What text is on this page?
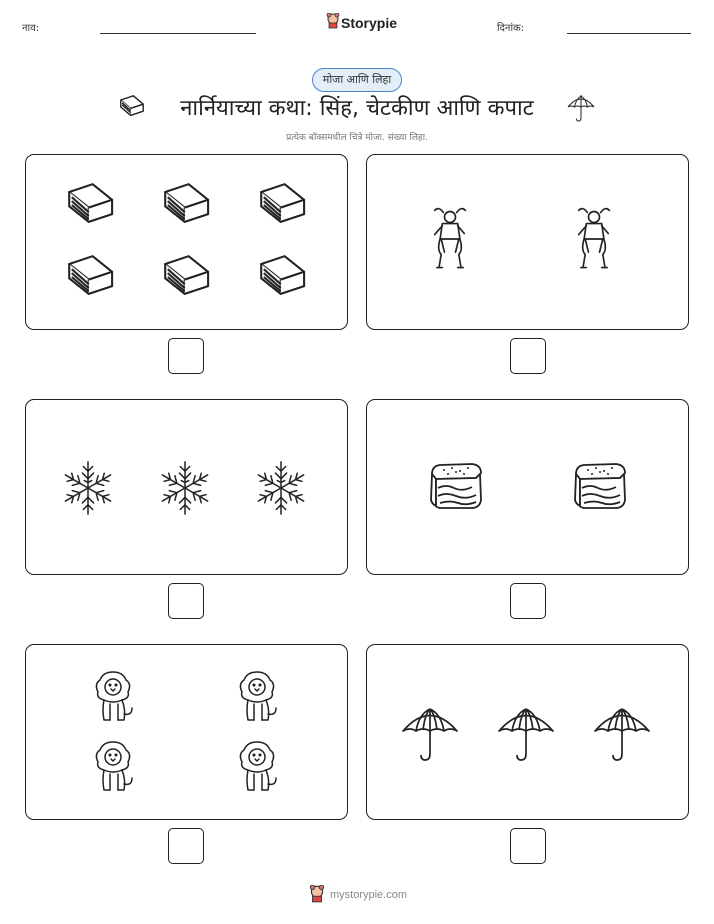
नाव:	Storypie	दिनांक:
मोजा आणि लिहा
नार्नियाच्या कथा: सिंह, चेटकीण आणि कपाट
प्रत्येक बॉक्समधील चित्रे मोजा. संख्या लिहा.
mystorypie.com
